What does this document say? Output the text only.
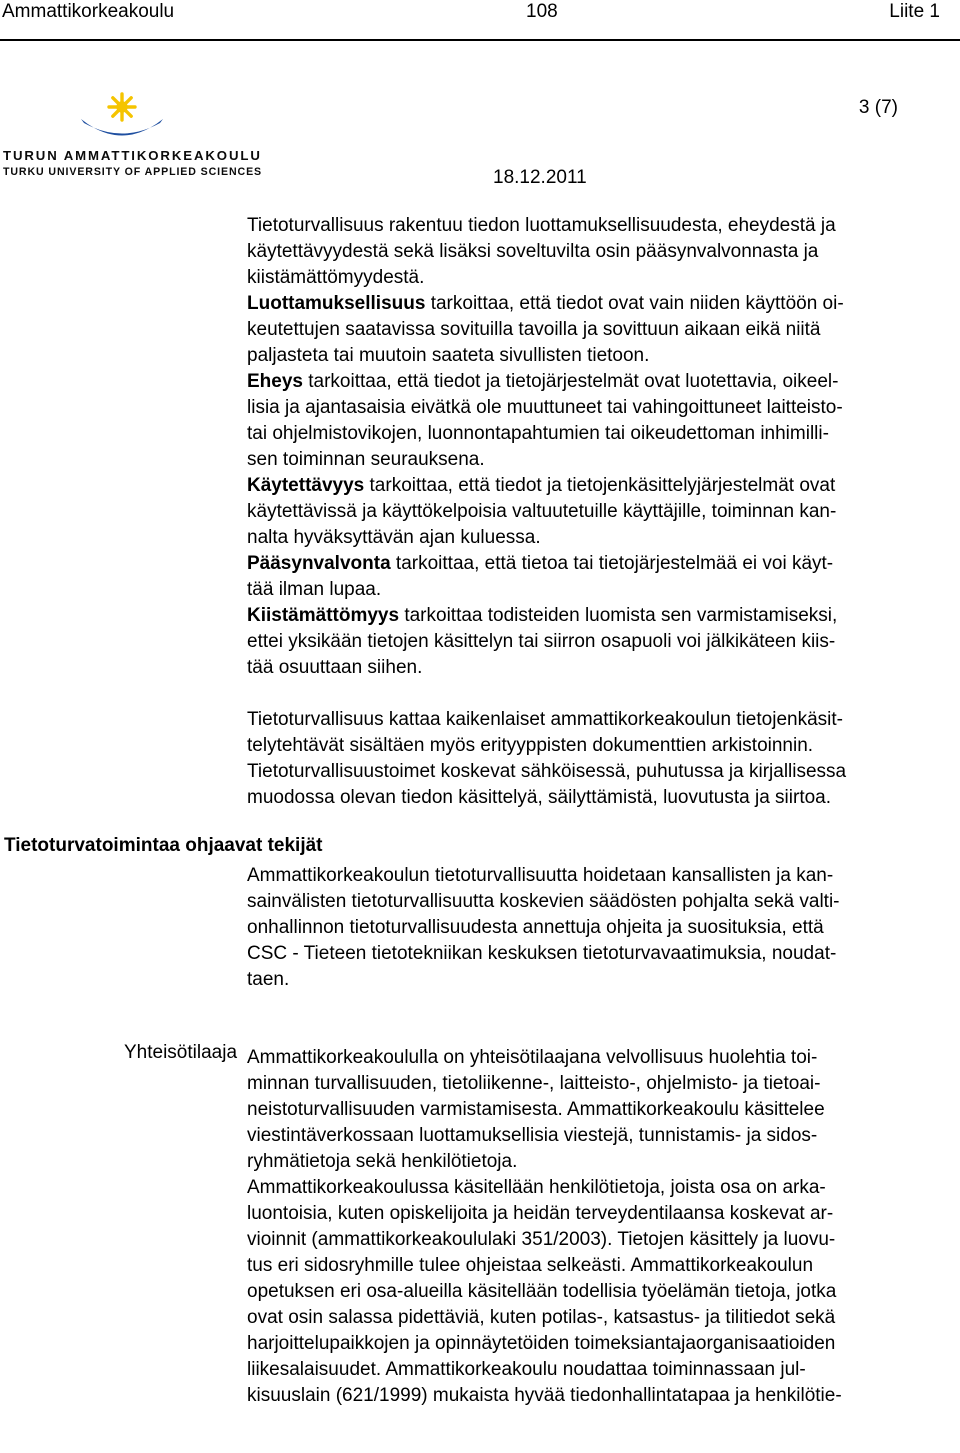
Ammattikorkeakoulu	108	Liite 1
TURUN AMMATTIKORKEAKOULU
TURKU UNIVERSITY OF APPLIED SCIENCES
3 (7)
18.12.2011

Tietoturvallisuus rakentuu tiedon luottamuksellisuudesta, eheydestä ja

käytettävyydestä sekä lisäksi soveltuvilta osin pääsynvalvonnasta ja

kiistämättömyydestä.

Luottamuksellisuus tarkoittaa, että tiedot ovat vain niiden käyttöön oi-

keutettujen saatavissa sovituilla tavoilla ja sovittuun aikaan eikä niitä

paljasteta tai muutoin saateta sivullisten tietoon.

Eheys tarkoittaa, että tiedot ja tietojärjestelmät ovat luotettavia, oikeel-

lisia ja ajantasaisia eivätkä ole muuttuneet tai vahingoittuneet laitteisto-

tai ohjelmistovikojen, luonnontapahtumien tai oikeudettoman inhimilli-

sen toiminnan seurauksena.

Käytettävyys tarkoittaa, että tiedot ja tietojenkäsittelyjärjestelmät ovat

käytettävissä ja käyttökelpoisia valtuutetuille käyttäjille, toiminnan kan-

nalta hyväksyttävän ajan kuluessa.

Pääsynvalvonta tarkoittaa, että tietoa tai tietojärjestelmää ei voi käyt-

tää ilman lupaa.

Kiistämättömyys tarkoittaa todisteiden luomista sen varmistamiseksi,

ettei yksikään tietojen käsittelyn tai siirron osapuoli voi jälkikäteen kiis-

tää osuuttaan siihen.

Tietoturvallisuus kattaa kaikenlaiset ammattikorkeakoulun tietojenkäsit-

telytehtävät sisältäen myös erityyppisten dokumenttien arkistoinnin.

Tietoturvallisuustoimet koskevat sähköisessä, puhutussa ja kirjallisessa

muodossa olevan tiedon käsittelyä, säilyttämistä, luovutusta ja siirtoa.

Ammattikorkeakoulun tietoturvallisuutta hoidetaan kansallisten ja kan-

sainvälisten tietoturvallisuutta koskevien säädösten pohjalta sekä valti-

onhallinnon tietoturvallisuudesta annettuja ohjeita ja suosituksia, että

CSC - Tieteen tietotekniikan keskuksen tietoturvavaatimuksia, noudat-

taen.

Ammattikorkeakoululla on yhteisötilaajana velvollisuus huolehtia toi-

minnan turvallisuuden, tietoliikenne-, laitteisto-, ohjelmisto- ja tietoai-

neistoturvallisuuden varmistamisesta. Ammattikorkeakoulu käsittelee

viestintäverkossaan luottamuksellisia viestejä, tunnistamis- ja sidos-

ryhmätietoja sekä henkilötietoja.

Ammattikorkeakoulussa käsitellään henkilötietoja, joista osa on arka-

luontoisia, kuten opiskelijoita ja heidän terveydentilaansa koskevat ar-

vioinnit (ammattikorkeakoululaki 351/2003). Tietojen käsittely ja luovu-

tus eri sidosryhmille tulee ohjeistaa selkeästi. Ammattikorkeakoulun

opetuksen eri osa-alueilla käsitellään todellisia työelämän tietoja, jotka

ovat osin salassa pidettäviä, kuten potilas-, katsastus- ja tilitiedot sekä

harjoittelupaikkojen ja opinnäytetöiden toimeksiantajaorganisaatioiden

liikesalaisuudet. Ammattikorkeakoulu noudattaa toiminnassaan jul-

kisuuslain (621/1999) mukaista hyvää tiedonhallintatapaa ja henkilötie-

Tietoturvatoimintaa ohjaavat tekijät
Yhteisötilaaja
